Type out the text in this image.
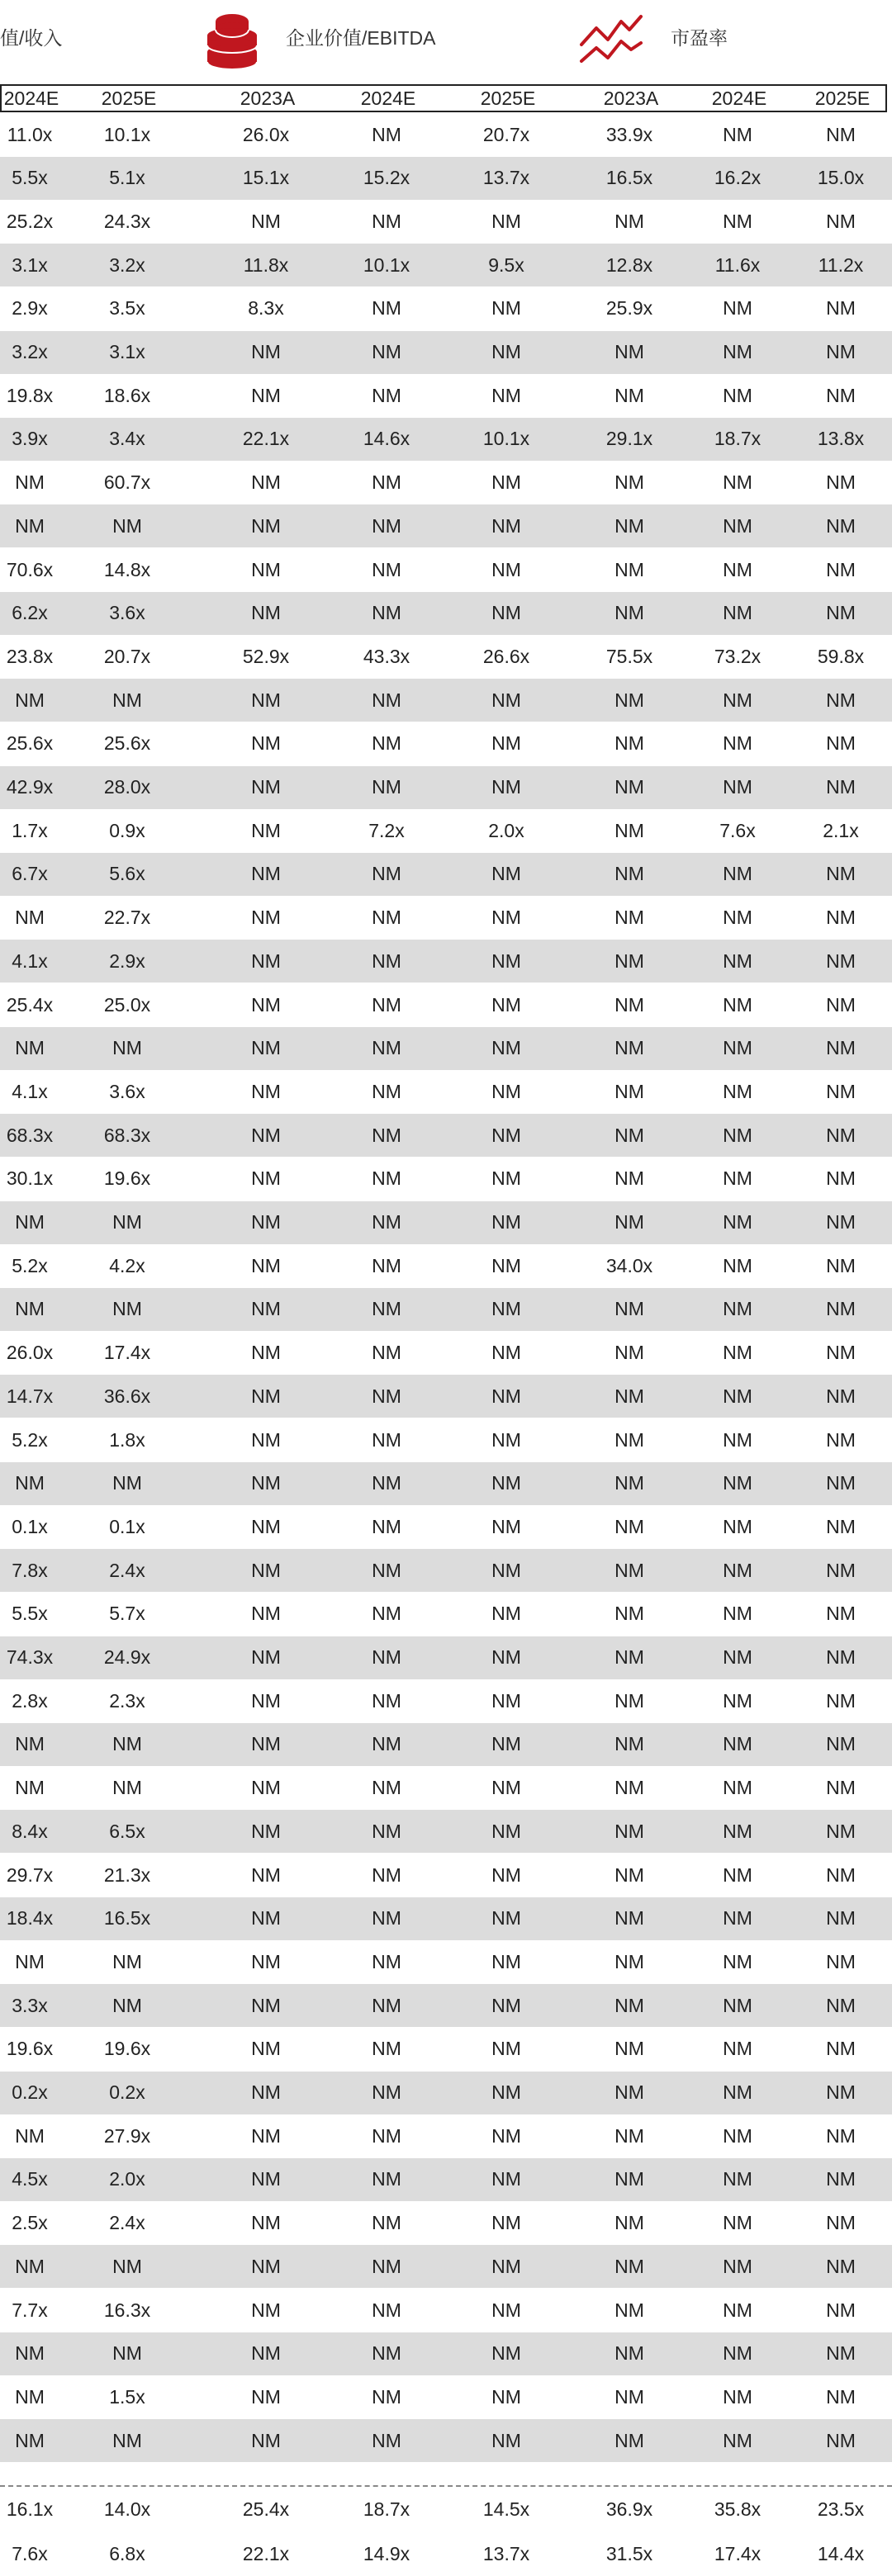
值/收入	企业价值/EBITDA	市盈率
2024E	2025E	2023A	2024E	2025E	2023A	2024E	2025E
11.0x	10.1x	26.0x	NM	20.7x	33.9x	NM	NM
5.5x	5.1x	15.1x	15.2x	13.7x	16.5x	16.2x	15.0x
25.2x	24.3x	NM	NM	NM	NM	NM	NM
3.1x	3.2x	11.8x	10.1x	9.5x	12.8x	11.6x	11.2x
2.9x	3.5x	8.3x	NM	NM	25.9x	NM	NM
3.2x	3.1x	NM	NM	NM	NM	NM	NM
19.8x	18.6x	NM	NM	NM	NM	NM	NM
3.9x	3.4x	22.1x	14.6x	10.1x	29.1x	18.7x	13.8x
NM	60.7x	NM	NM	NM	NM	NM	NM
NM	NM	NM	NM	NM	NM	NM	NM
70.6x	14.8x	NM	NM	NM	NM	NM	NM
6.2x	3.6x	NM	NM	NM	NM	NM	NM
23.8x	20.7x	52.9x	43.3x	26.6x	75.5x	73.2x	59.8x
NM	NM	NM	NM	NM	NM	NM	NM
25.6x	25.6x	NM	NM	NM	NM	NM	NM
42.9x	28.0x	NM	NM	NM	NM	NM	NM
1.7x	0.9x	NM	7.2x	2.0x	NM	7.6x	2.1x
6.7x	5.6x	NM	NM	NM	NM	NM	NM
NM	22.7x	NM	NM	NM	NM	NM	NM
4.1x	2.9x	NM	NM	NM	NM	NM	NM
25.4x	25.0x	NM	NM	NM	NM	NM	NM
NM	NM	NM	NM	NM	NM	NM	NM
4.1x	3.6x	NM	NM	NM	NM	NM	NM
68.3x	68.3x	NM	NM	NM	NM	NM	NM
30.1x	19.6x	NM	NM	NM	NM	NM	NM
NM	NM	NM	NM	NM	NM	NM	NM
5.2x	4.2x	NM	NM	NM	34.0x	NM	NM
NM	NM	NM	NM	NM	NM	NM	NM
26.0x	17.4x	NM	NM	NM	NM	NM	NM
14.7x	36.6x	NM	NM	NM	NM	NM	NM
5.2x	1.8x	NM	NM	NM	NM	NM	NM
NM	NM	NM	NM	NM	NM	NM	NM
0.1x	0.1x	NM	NM	NM	NM	NM	NM
7.8x	2.4x	NM	NM	NM	NM	NM	NM
5.5x	5.7x	NM	NM	NM	NM	NM	NM
74.3x	24.9x	NM	NM	NM	NM	NM	NM
2.8x	2.3x	NM	NM	NM	NM	NM	NM
NM	NM	NM	NM	NM	NM	NM	NM
NM	NM	NM	NM	NM	NM	NM	NM
8.4x	6.5x	NM	NM	NM	NM	NM	NM
29.7x	21.3x	NM	NM	NM	NM	NM	NM
18.4x	16.5x	NM	NM	NM	NM	NM	NM
NM	NM	NM	NM	NM	NM	NM	NM
3.3x	NM	NM	NM	NM	NM	NM	NM
19.6x	19.6x	NM	NM	NM	NM	NM	NM
0.2x	0.2x	NM	NM	NM	NM	NM	NM
NM	27.9x	NM	NM	NM	NM	NM	NM
4.5x	2.0x	NM	NM	NM	NM	NM	NM
2.5x	2.4x	NM	NM	NM	NM	NM	NM
NM	NM	NM	NM	NM	NM	NM	NM
7.7x	16.3x	NM	NM	NM	NM	NM	NM
NM	NM	NM	NM	NM	NM	NM	NM
NM	1.5x	NM	NM	NM	NM	NM	NM
NM	NM	NM	NM	NM	NM	NM	NM
16.1x	14.0x	25.4x	18.7x	14.5x	36.9x	35.8x	23.5x
7.6x	6.8x	22.1x	14.9x	13.7x	31.5x	17.4x	14.4x
